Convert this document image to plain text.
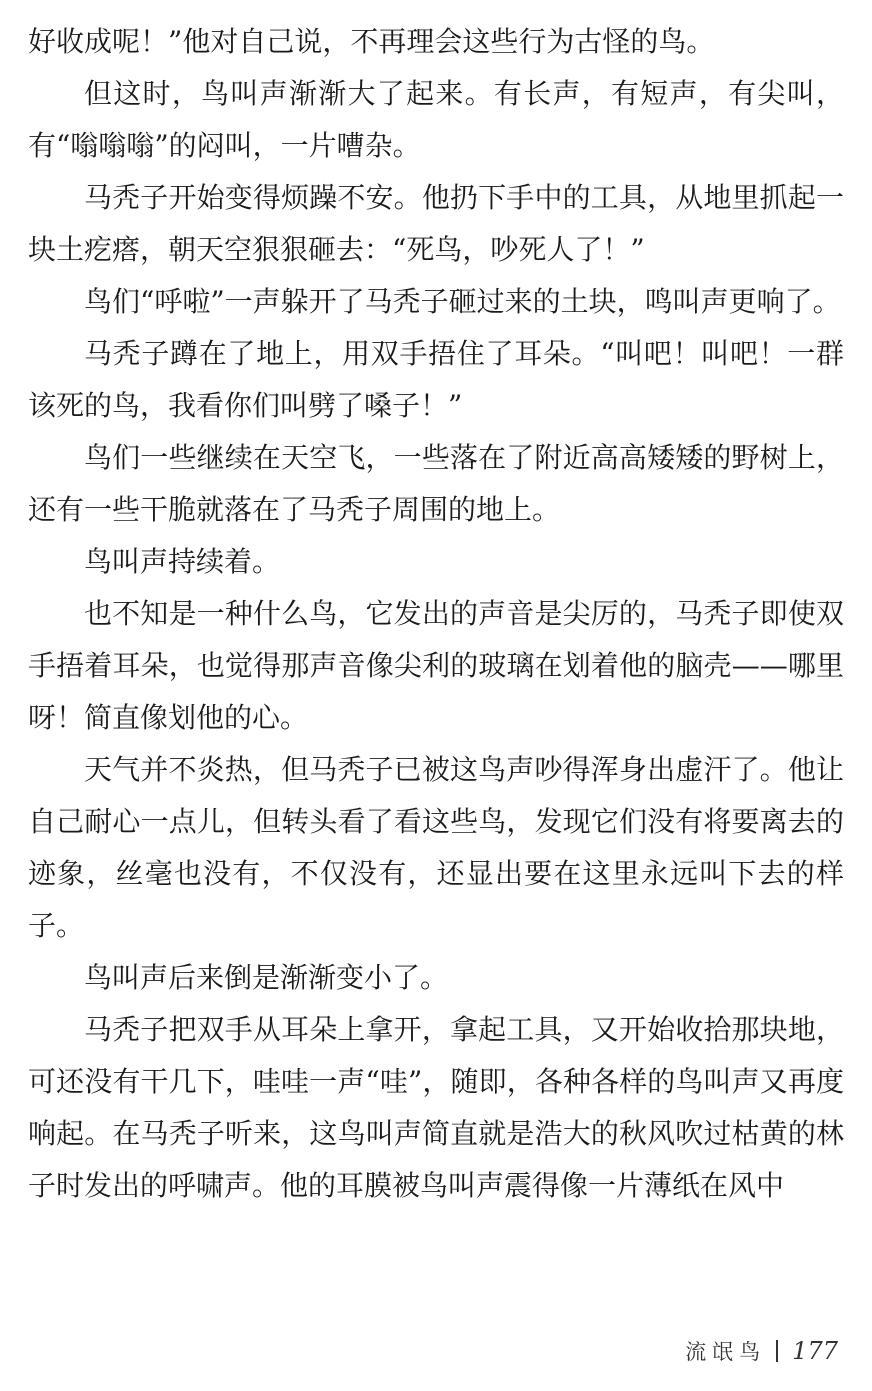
好收成呢！”他对自己说，不再理会这些行为古怪的鸟。

但这时，鸟叫声渐渐大了起来。有长声，有短声，有尖叫，有“嗡嗡嗡”的闷叫，一片嘈杂。

马秃子开始变得烦躁不安。他扔下手中的工具，从地里抓起一块土疙瘩，朝天空狠狠砸去：“死鸟，吵死人了！”

鸟们“呼啦”一声躲开了马秃子砸过来的土块，鸣叫声更响了。

马秃子蹲在了地上，用双手捂住了耳朵。“叫吧！叫吧！一群该死的鸟，我看你们叫劈了嗓子！”

鸟们一些继续在天空飞，一些落在了附近高高矮矮的野树上，还有一些干脆就落在了马秃子周围的地上。

鸟叫声持续着。

也不知是一种什么鸟，它发出的声音是尖厉的，马秃子即使双手捂着耳朵，也觉得那声音像尖利的玻璃在划着他的脑壳——哪里呀！简直像划他的心。

天气并不炎热，但马秃子已被这鸟声吵得浑身出虚汗了。他让自己耐心一点儿，但转头看了看这些鸟，发现它们没有将要离去的迹象，丝毫也没有，不仅没有，还显出要在这里永远叫下去的样子。

鸟叫声后来倒是渐渐变小了。

马秃子把双手从耳朵上拿开，拿起工具，又开始收拾那块地，可还没有干几下，哇哇一声“哇”，随即，各种各样的鸟叫声又再度响起。在马秃子听来，这鸟叫声简直就是浩大的秋风吹过枯黄的林子时发出的呼啸声。他的耳膜被鸟叫声震得像一片薄纸在风中

流氓鸟 177
